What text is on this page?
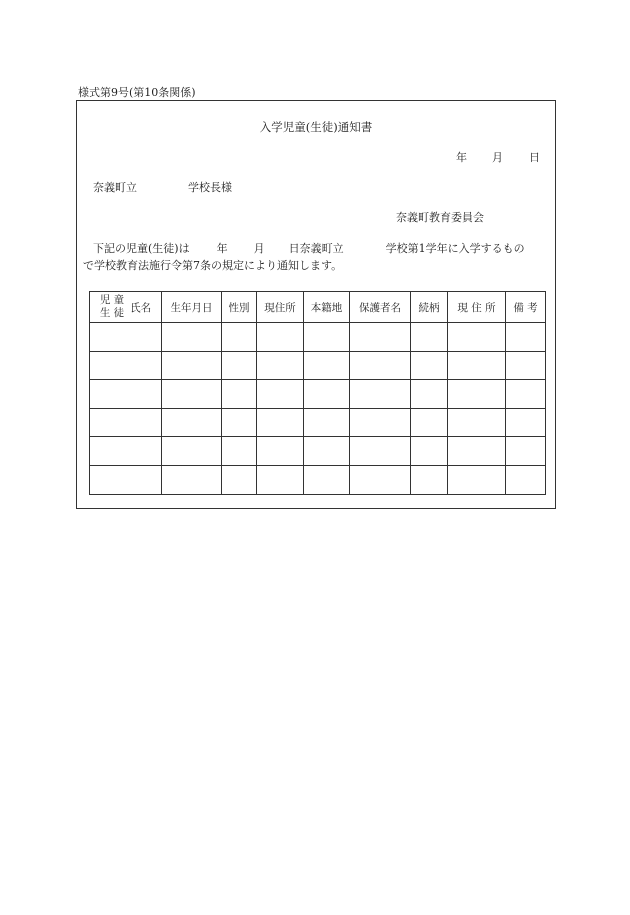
様式第9号(第10条関係)
入学児童(生徒)通知書
年 月 日
奈義町立	学校長様
奈義町教育委員会
下記の児童(生徒)は 年 月 日奈義町立	学校第1学年に入学するもの
で学校教育法施行令第7条の規定により通知します。
児 童
生 徒 氏名	生年月日	性別	現住所	本籍地	保護者名	続柄	現 住 所	備 考
